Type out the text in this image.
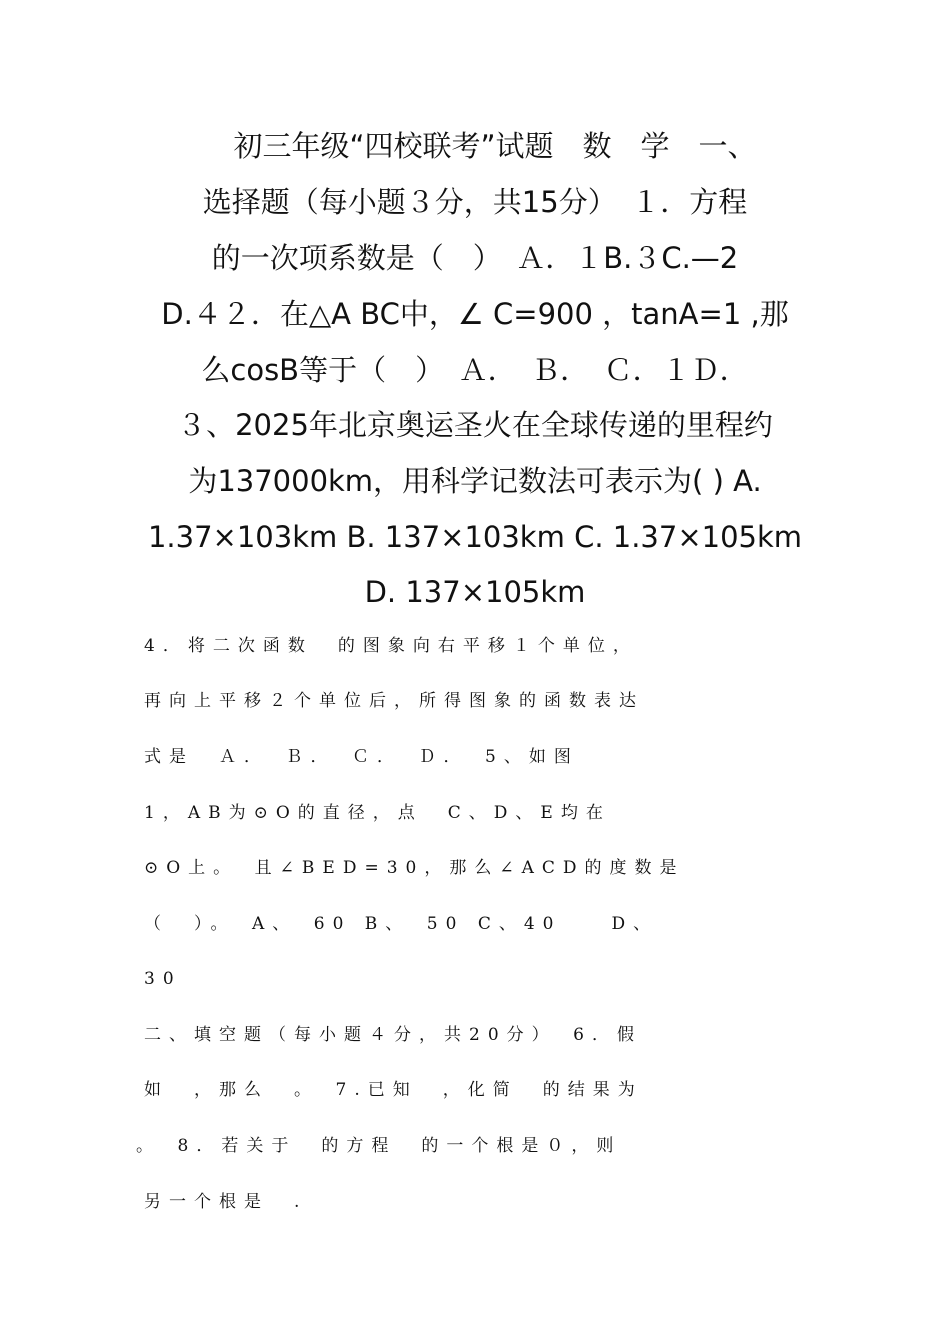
初三年级“四校联考”试题　数　学　一、
选择题（每小题３分，共15分）　１．方程
的一次项系数是（　）　Ａ．１B.３C.—2
D.４２．在△A BC中，∠ C=900 ，tanA=1 ,那
么cosB等于（　）　Ａ．　Ｂ．　Ｃ．１Ｄ．
３、2025年北京奥运圣火在全球传递的里程约
为137000km，用科学记数法可表示为( ) A.
1.37×103km B. 137×103km C. 1.37×105km
D. 137×105km
4．将二次函数　的图象向右平移１个单位，
再向上平移２个单位后，所得图象的函数表达
式是　Ａ．　Ｂ．　Ｃ．　Ｄ．　5、如图
1，AB为⊙O的直径，点　C、D、E均在
⊙O上。　且∠BED=30，那么∠ACD的度数是
（　）。　A、　60 B、　50 C、40　　D、
30
二、填空题（每小题４分，共20分）　6．假
如　，那么　。　7.已知　，化简　的结果为
。　8．若关于　的方程　的一个根是０，则
另一个根是　.
